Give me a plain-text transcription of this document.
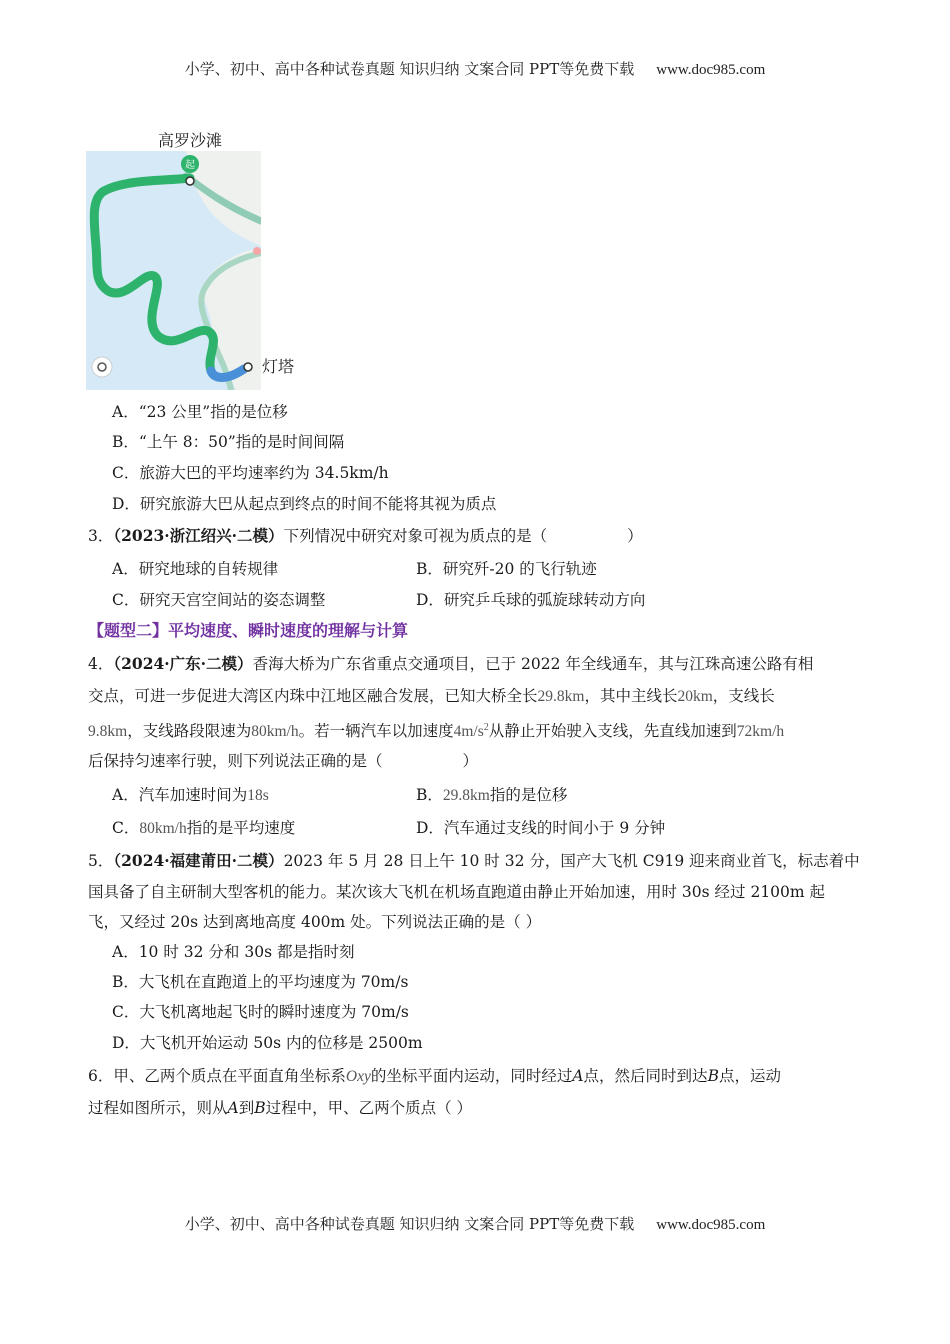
小学、初中、高中各种试卷真题 知识归纳 文案合同 PPT等免费下载 www.doc985.com
高罗沙滩
灯塔
起
A．“23 公里”指的是位移
B．“上午 8：50”指的是时间间隔
C．旅游大巴的平均速率约为 34.5km/h
D．研究旅游大巴从起点到终点的时间不能将其视为质点
3．（2023·浙江绍兴·二模）下列情况中研究对象可视为质点的是（	）
A．研究地球的自转规律	B．研究歼-20 的飞行轨迹
C．研究天宫空间站的姿态调整	D．研究乒乓球的弧旋球转动方向
【题型二】平均速度、瞬时速度的理解与计算
4．（2024·广东·二模）香海大桥为广东省重点交通项目，已于 2022 年全线通车，其与江珠高速公路有相
交点，可进一步促进大湾区内珠中江地区融合发展，已知大桥全长29.8km，其中主线长20km，支线长
9.8km，支线路段限速为80km/h。若一辆汽车以加速度$4m/s^2$从静止开始驶入支线，先直线加速到72km/h
后保持匀速率行驶，则下列说法正确的是（	）
A．汽车加速时间为18s	B．29.8km指的是位移
C．80km/h指的是平均速度	D．汽车通过支线的时间小于 9 分钟
5．（2024·福建莆田·二模）2023 年 5 月 28 日上午 10 时 32 分，国产大飞机 C919 迎来商业首飞，标志着中
国具备了自主研制大型客机的能力。某次该大飞机在机场直跑道由静止开始加速，用时 30s 经过 2100m 起
飞，又经过 20s 达到离地高度 400m 处。下列说法正确的是（ ）
A．10 时 32 分和 30s 都是指时刻
B．大飞机在直跑道上的平均速度为 70m/s
C．大飞机离地起飞时的瞬时速度为 70m/s
D．大飞机开始运动 50s 内的位移是 2500m
6．甲、乙两个质点在平面直角坐标系Oxy的坐标平面内运动，同时经过A点，然后同时到达B点，运动
过程如图所示，则从A到B过程中，甲、乙两个质点（ ）
小学、初中、高中各种试卷真题 知识归纳 文案合同 PPT等免费下载 www.doc985.com
